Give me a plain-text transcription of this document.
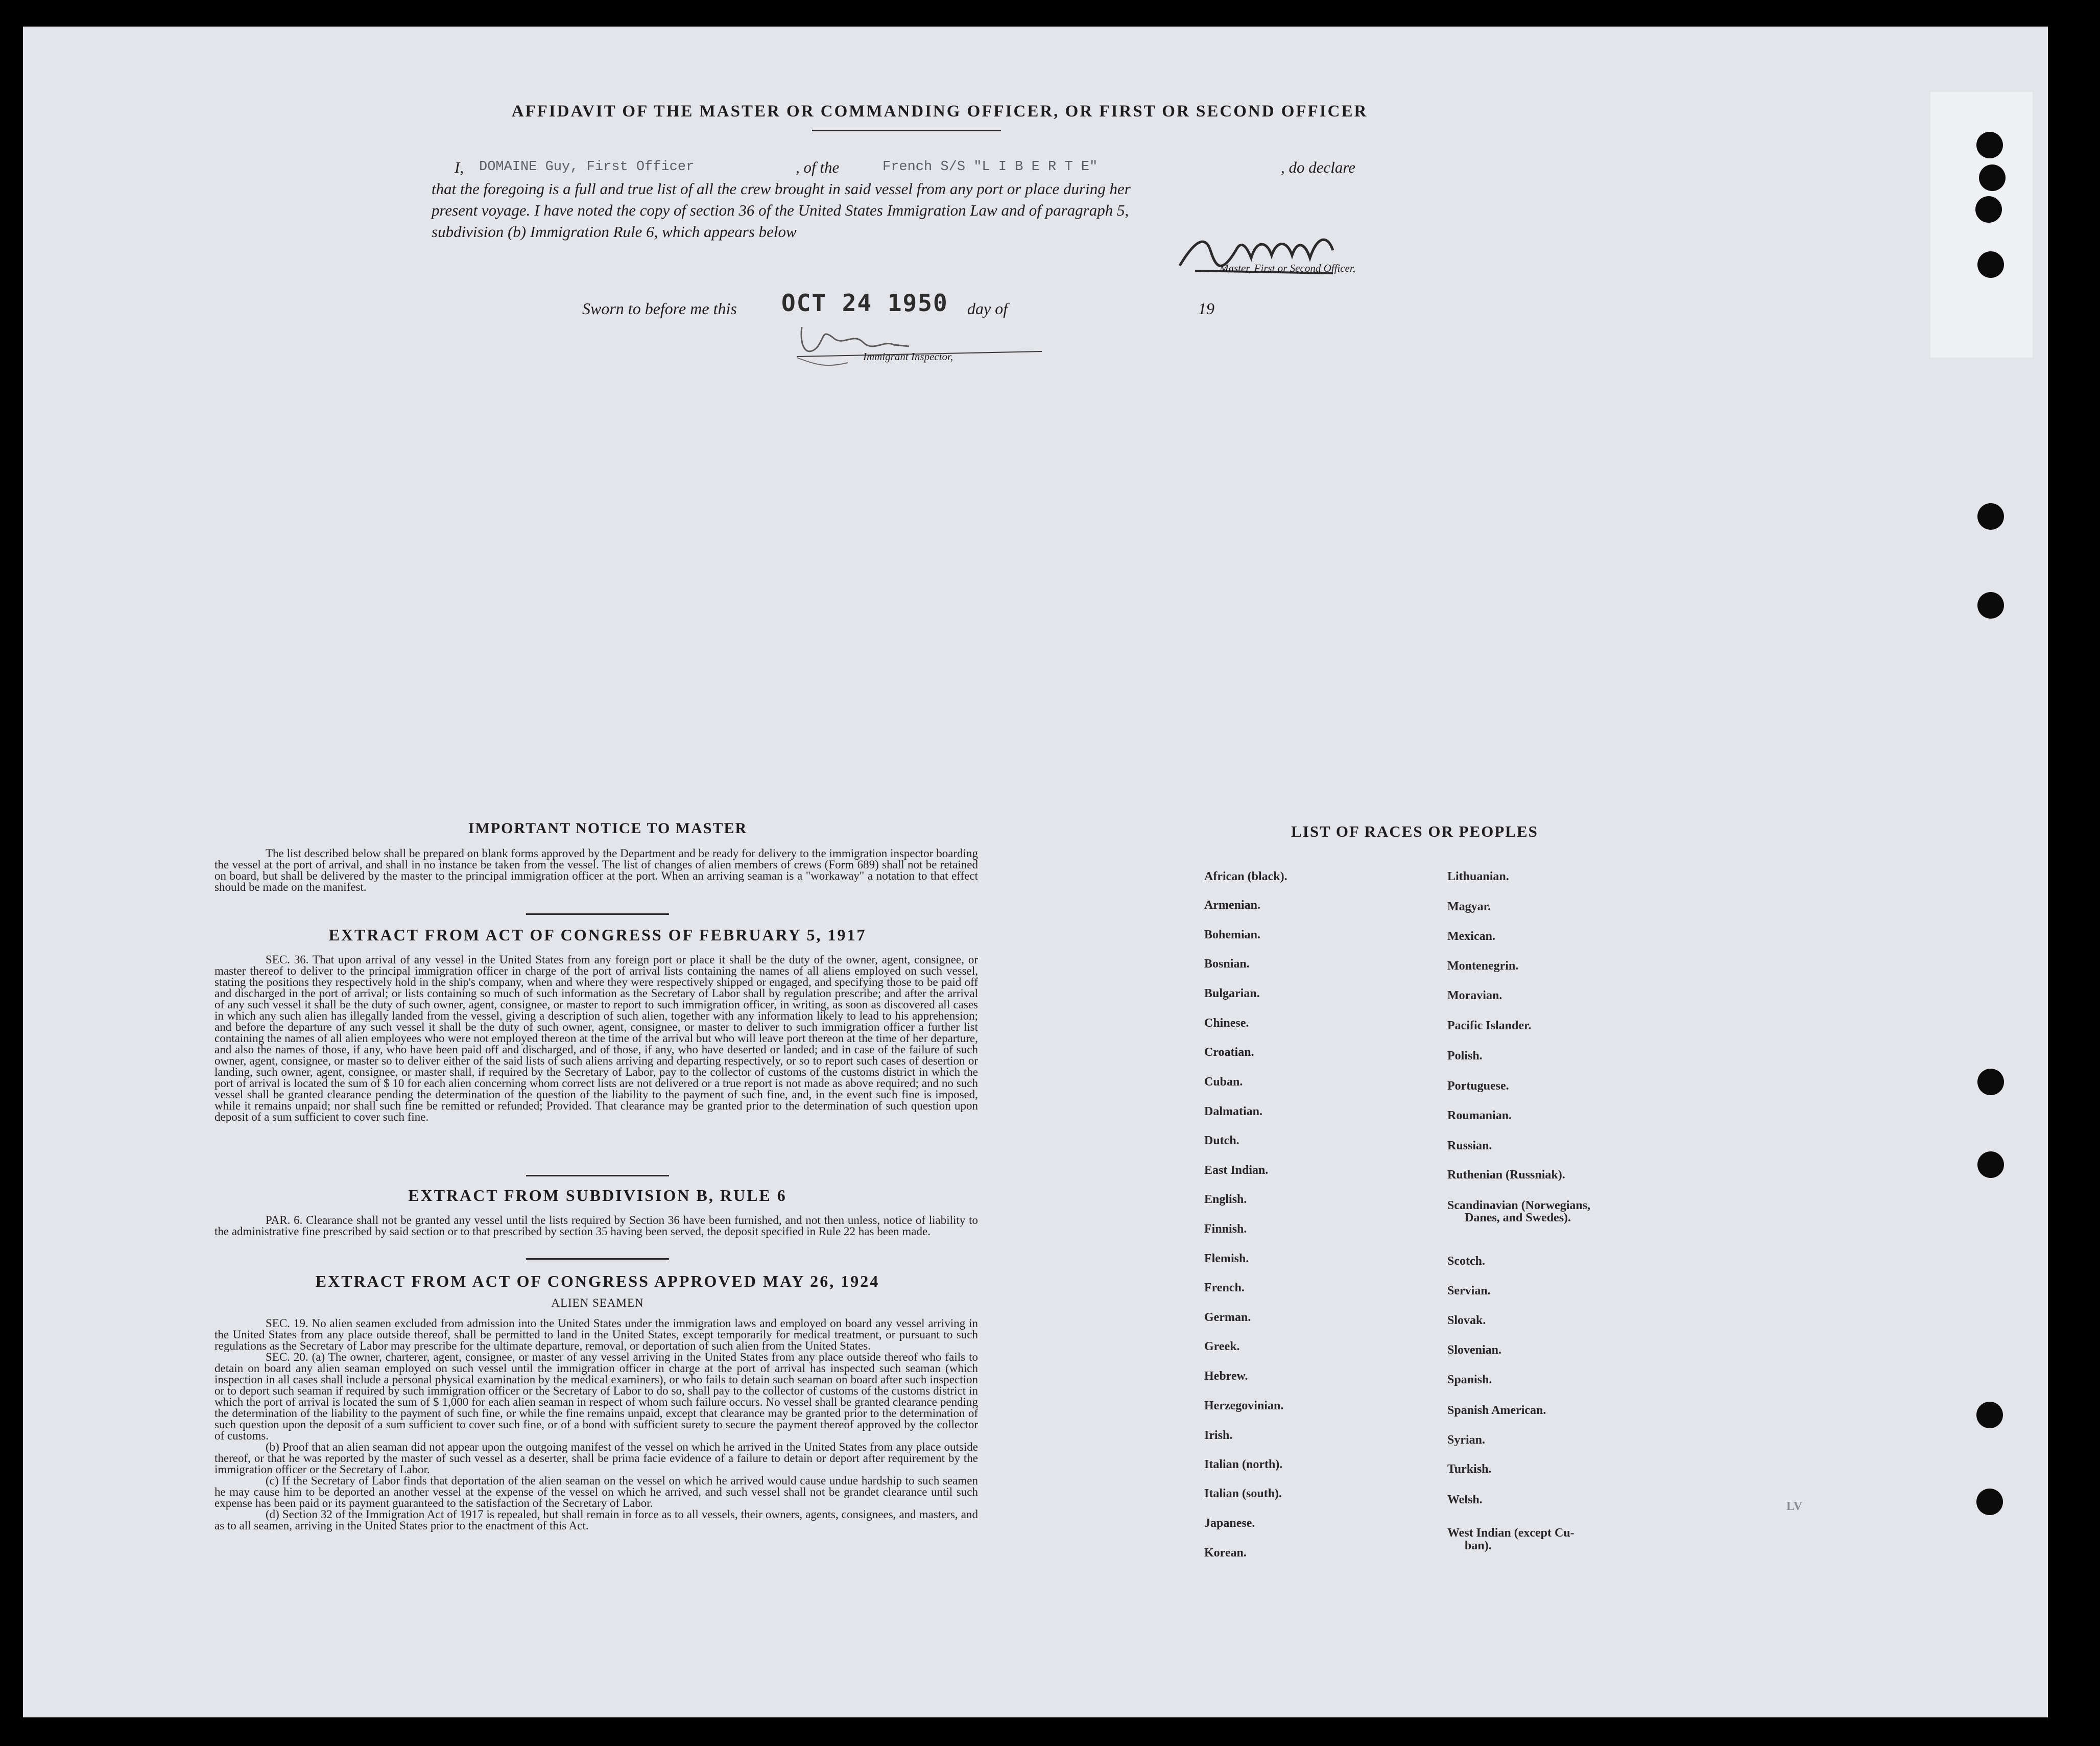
AFFIDAVIT OF THE MASTER OR COMMANDING OFFICER, OR FIRST OR SECOND OFFICER
I, DOMAINE Guy, First Officer	, of the	French S/S "L I B E R T E"	, do declare
that the foregoing is a full and true list of all the crew brought in said vessel from any port or place during her
present voyage. I have noted the copy of section 36 of the United States Immigration Law and of paragraph 5,
subdivision (b) Immigration Rule 6, which appears below
Master, First or Second Officer,
Sworn to before me this OCT 24 1950 day of	19
Immigrant Inspector,
IMPORTANT NOTICE TO MASTER

The list described below shall be prepared on blank forms approved by the Department and be ready for delivery to the immigration inspector boarding the vessel at the port of arrival, and shall in no instance be taken from the vessel. The list of changes of alien members of crews (Form 689) shall not be retained on board, but shall be delivered by the master to the principal immigration officer at the port. When an arriving seaman is a "workaway" a notation to that effect should be made on the manifest.

EXTRACT FROM ACT OF CONGRESS OF FEBRUARY 5, 1917

SEC. 36. That upon arrival of any vessel in the United States from any foreign port or place it shall be the duty of the owner, agent, consignee, or master thereof to deliver to the principal immigration officer in charge of the port of arrival lists containing the names of all aliens employed on such vessel, stating the positions they respectively hold in the ship's company, when and where they were respectively shipped or engaged, and specifying those to be paid off and discharged in the port of arrival; or lists containing so much of such information as the Secretary of Labor shall by regulation prescribe; and after the arrival of any such vessel it shall be the duty of such owner, agent, consignee, or master to report to such immigration officer, in writing, as soon as discovered all cases in which any such alien has illegally landed from the vessel, giving a description of such alien, together with any information likely to lead to his apprehension; and before the departure of any such vessel it shall be the duty of such owner, agent, consignee, or master to deliver to such immigration officer a further list containing the names of all alien employees who were not employed thereon at the time of the arrival but who will leave port thereon at the time of her departure, and also the names of those, if any, who have been paid off and discharged, and of those, if any, who have deserted or landed; and in case of the failure of such owner, agent, consignee, or master so to deliver either of the said lists of such aliens arriving and departing respectively, or so to report such cases of desertion or landing, such owner, agent, consignee, or master shall, if required by the Secretary of Labor, pay to the collector of customs of the customs district in which the port of arrival is located the sum of $ 10 for each alien concerning whom correct lists are not delivered or a true report is not made as above required; and no such vessel shall be granted clearance pending the determination of the question of the liability to the payment of such fine, and, in the event such fine is imposed, while it remains unpaid; nor shall such fine be remitted or refunded; Provided. That clearance may be granted prior to the determination of such question upon deposit of a sum sufficient to cover such fine.

EXTRACT FROM SUBDIVISION B, RULE 6

PAR. 6. Clearance shall not be granted any vessel until the lists required by Section 36 have been furnished, and not then unless, notice of liability to the administrative fine prescribed by said section or to that prescribed by section 35 having been served, the deposit specified in Rule 22 has been made.

EXTRACT FROM ACT OF CONGRESS APPROVED MAY 26, 1924
ALIEN SEAMEN

SEC. 19. No alien seamen excluded from admission into the United States under the immigration laws and employed on board any vessel arriving in the United States from any place outside thereof, shall be permitted to land in the United States, except temporarily for medical treatment, or pursuant to such regulations as the Secretary of Labor may prescribe for the ultimate departure, removal, or deportation of such alien from the United States.

SEC. 20. (a) The owner, charterer, agent, consignee, or master of any vessel arriving in the United States from any place outside thereof who fails to detain on board any alien seaman employed on such vessel until the immigration officer in charge at the port of arrival has inspected such seaman (which inspection in all cases shall include a personal physical examination by the medical examiners), or who fails to detain such seaman on board after such inspection or to deport such seaman if required by such immigration officer or the Secretary of Labor to do so, shall pay to the collector of customs of the customs district in which the port of arrival is located the sum of $ 1,000 for each alien seaman in respect of whom such failure occurs. No vessel shall be granted clearance pending the determination of the liability to the payment of such fine, or while the fine remains unpaid, except that clearance may be granted prior to the determination of such question upon the deposit of a sum sufficient to cover such fine, or of a bond with sufficient surety to secure the payment thereof approved by the collector of customs.

(b) Proof that an alien seaman did not appear upon the outgoing manifest of the vessel on which he arrived in the United States from any place outside thereof, or that he was reported by the master of such vessel as a deserter, shall be prima facie evidence of a failure to detain or deport after requirement by the immigration officer or the Secretary of Labor.

(c) If the Secretary of Labor finds that deportation of the alien seaman on the vessel on which he arrived would cause undue hardship to such seamen he may cause him to be deported an another vessel at the expense of the vessel on which he arrived, and such vessel shall not be grandet clearance until such expense has been paid or its payment guaranteed to the satisfaction of the Secretary of Labor.

(d) Section 32 of the Immigration Act of 1917 is repealed, but shall remain in force as to all vessels, their owners, agents, consignees, and masters, and as to all seamen, arriving in the United States prior to the enactment of this Act.

LIST OF RACES OR PEOPLES
African (black).
Armenian.
Bohemian.
Bosnian.
Bulgarian.
Chinese.
Croatian.
Cuban.
Dalmatian.
Dutch.
East Indian.
English.
Finnish.
Flemish.
French.
German.
Greek.
Hebrew.
Herzegovinian.
Irish.
Italian (north).
Italian (south).
Japanese.
Korean.
Lithuanian.
Magyar.
Mexican.
Montenegrin.
Moravian.
Pacific Islander.
Polish.
Portuguese.
Roumanian.
Russian.
Ruthenian (Russniak).
Scandinavian (Norwegians,
Danes, and Swedes).
Scotch.
Servian.
Slovak.
Slovenian.
Spanish.
Spanish American.
Syrian.
Turkish.
Welsh.
West Indian (except Cu-
ban).
LV
